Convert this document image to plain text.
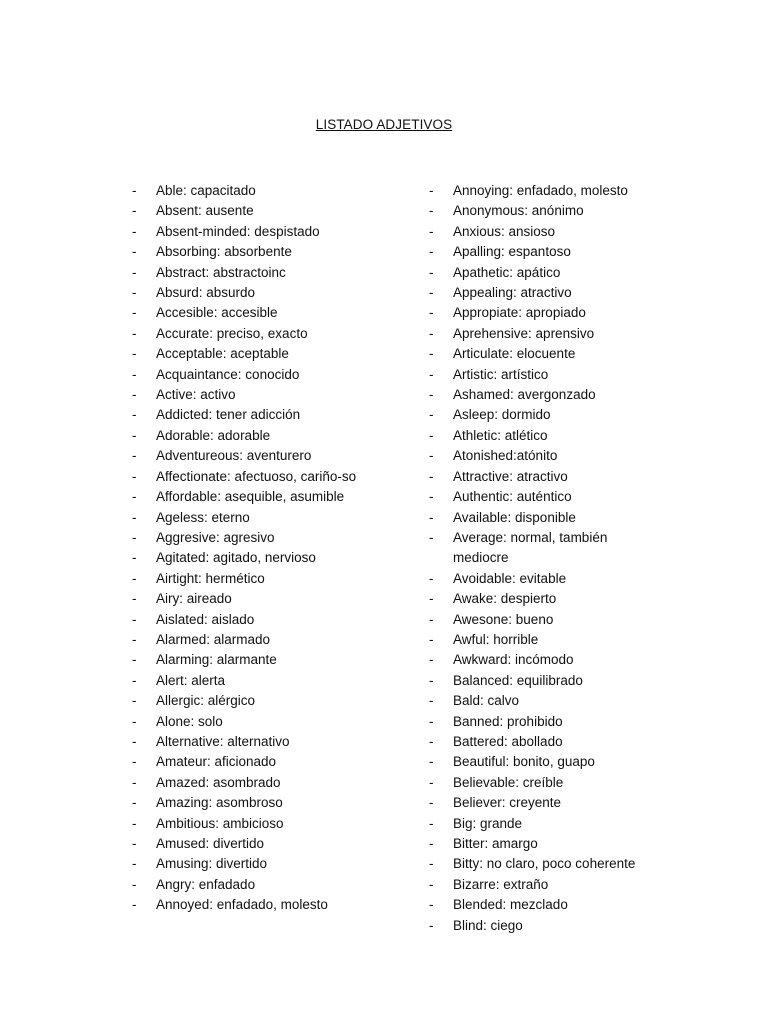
LISTADO ADJETIVOS
- Able: capacitado
- Absent: ausente
- Absent-minded: despistado
- Absorbing: absorbente
- Abstract: abstractoinc
- Absurd: absurdo
- Accesible: accesible
- Accurate: preciso, exacto
- Acceptable: aceptable
- Acquaintance: conocido
- Active: activo
- Addicted: tener adicción
- Adorable: adorable
- Adventureous: aventurero
- Affectionate: afectuoso, cariño-so
- Affordable: asequible, asumible
- Ageless: eterno
- Aggresive: agresivo
- Agitated: agitado, nervioso
- Airtight: hermético
- Airy: aireado
- Aislated: aislado
- Alarmed: alarmado
- Alarming: alarmante
- Alert: alerta
- Allergic: alérgico
- Alone: solo
- Alternative: alternativo
- Amateur: aficionado
- Amazed: asombrado
- Amazing: asombroso
- Ambitious: ambicioso
- Amused: divertido
- Amusing: divertido
- Angry: enfadado
- Annoyed: enfadado, molesto
- Annoying: enfadado, molesto
- Anonymous: anónimo
- Anxious: ansioso
- Apalling: espantoso
- Apathetic: apático
- Appealing: atractivo
- Appropiate: apropiado
- Aprehensive: aprensivo
- Articulate: elocuente
- Artistic: artístico
- Ashamed: avergonzado
- Asleep: dormido
- Athletic: atlético
- Atonished:atónito
- Attractive: atractivo
- Authentic: auténtico
- Available: disponible
- Average: normal, también mediocre
- Avoidable: evitable
- Awake: despierto
- Awesone: bueno
- Awful: horrible
- Awkward: incómodo
- Balanced: equilibrado
- Bald: calvo
- Banned: prohibido
- Battered: abollado
- Beautiful: bonito, guapo
- Believable: creíble
- Believer: creyente
- Big: grande
- Bitter: amargo
- Bitty: no claro, poco coherente
- Bizarre: extraño
- Blended: mezclado
- Blind: ciego
